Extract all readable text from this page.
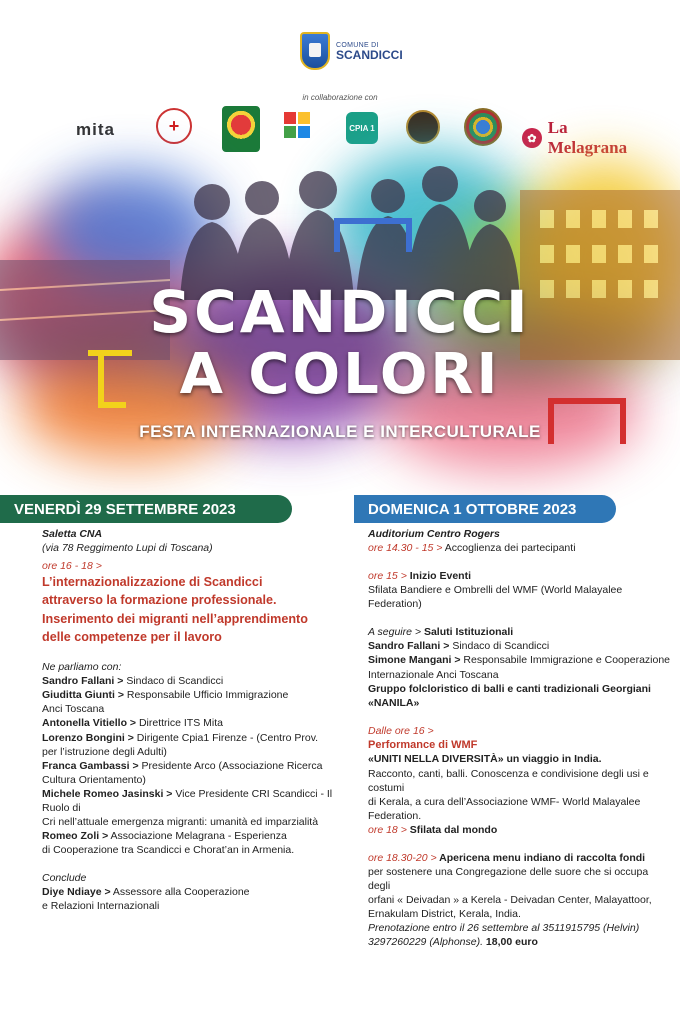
COMUNE DI
SCANDICCI
in collaborazione con
mita	+	CPIA 1
✿
La Melagrana
SCANDICCI
A COLORI
FESTA INTERNAZIONALE E INTERCULTURALE
VENERDÌ 29 SETTEMBRE 2023	DOMENICA 1 OTTOBRE 2023
Saletta CNA
(via 78 Reggimento Lupi di Toscana)
ore 16 - 18 >
L’internazionalizzazione di Scandicci
attraverso la formazione professionale.
Inserimento dei migranti nell’apprendimento
delle competenze per il lavoro
Ne parliamo con:
Sandro Fallani > Sindaco di Scandicci
Giuditta Giunti > Responsabile Ufficio Immigrazione
Anci Toscana
Antonella Vitiello > Direttrice ITS Mita
Lorenzo Bongini > Dirigente Cpia1 Firenze - (Centro Prov.
per l’istruzione degli Adulti)
Franca Gambassi > Presidente Arco (Associazione Ricerca
Cultura Orientamento)
Michele Romeo Jasinski > Vice Presidente CRI Scandicci - Il Ruolo di
Cri nell’attuale emergenza migranti: umanità ed imparzialità
Romeo Zoli > Associazione Melagrana - Esperienza
di Cooperazione tra Scandicci e Chorat’an in Armenia.
Conclude
Diye Ndiaye > Assessore alla Cooperazione
e Relazioni Internazionali
Auditorium Centro Rogers
ore 14.30 - 15 > Accoglienza dei partecipanti
ore 15 > Inizio Eventi
Sfilata Bandiere e Ombrelli del WMF (World Malayalee Federation)
A seguire > Saluti Istituzionali
Sandro Fallani > Sindaco di Scandicci
Simone Mangani > Responsabile Immigrazione e Cooperazione
Internazionale Anci Toscana
Gruppo folcloristico di balli e canti tradizionali Georgiani
«NANILA»
Dalle ore 16 >
Performance di WMF
«UNITI NELLA DIVERSITÀ» un viaggio in India.
Racconto, canti, balli. Conoscenza e condivisione degli usi e costumi
di Kerala, a cura dell’Associazione WMF- World Malayalee Federation.
ore 18 > Sfilata dal mondo
ore 18.30-20 > Apericena menu indiano di raccolta fondi
per sostenere una Congregazione delle suore che si occupa degli
orfani « Deivadan » a Kerela - Deivadan Center, Malayattoor,
Ernakulam District, Kerala, India.
Prenotazione entro il 26 settembre al 3511915795 (Helvin)
3297260229 (Alphonse). 18,00 euro
